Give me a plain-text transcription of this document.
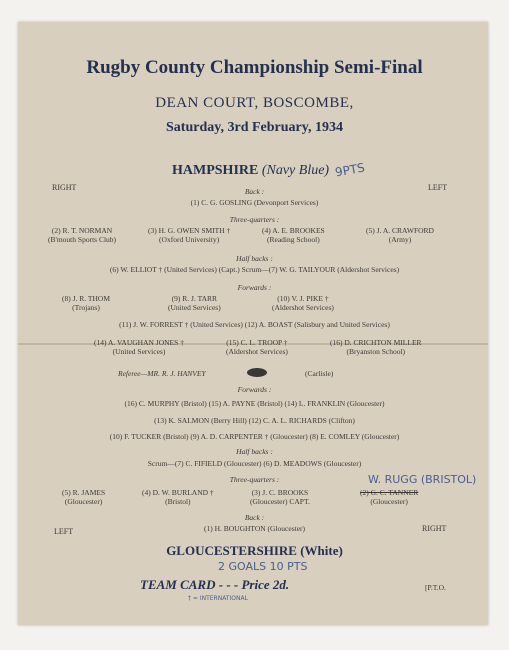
Rugby County Championship Semi-Final
DEAN COURT, BOSCOMBE,
Saturday, 3rd February, 1934
HAMPSHIRE (Navy Blue) 9PTS
RIGHT	LEFT
Back :
(1) C. G. GOSLING (Devonport Services)
Three-quarters :
(2) R. T. NORMAN
(B'mouth Sports Club)
(3) H. G. OWEN SMITH †
(Oxford University)
(4) A. E. BROOKES
(Reading School)
(5) J. A. CRAWFORD
(Army)
Half backs :
(6) W. ELLIOT † (United Services) (Capt.) Scrum—(7) W. G. TAILYOUR (Aldershot Services)
Forwards :
(8) J. R. THOM
(Trojans)
(9) R. J. TARR
(United Services)
(10) V. J. PIKE †
(Aldershot Services)
(11) J. W. FORREST † (United Services) (12) A. BOAST (Salisbury and United Services)
(14) A. VAUGHAN JONES †
(United Services)
(15) C. L. TROOP †
(Aldershot Services)
(16) D. CRICHTON MILLER
(Bryanston School)
Referee—MR. R. J. HANVEY	(Carlisle)
Forwards :
(16) C. MURPHY (Bristol) (15) A. PAYNE (Bristol) (14) L. FRANKLIN (Gloucester)
(13) K. SALMON (Berry Hill) (12) C. A. L. RICHARDS (Clifton)
(10) F. TUCKER (Bristol) (9) A. D. CARPENTER † (Gloucester) (8) E. COMLEY (Gloucester)
Half backs :
Scrum—(7) C. FIFIELD (Gloucester) (6) D. MEADOWS (Gloucester)
Three-quarters :	W. RUGG (BRISTOL)
(5) R. JAMES
(Gloucester)
(4) D. W. BURLAND †
(Bristol)
(3) J. C. BROOKS
(Gloucester) CAPT.
(2) G. C. TANNER
(Gloucester)
Back :
LEFT	(1) H. BOUGHTON (Gloucester)	RIGHT
GLOUCESTERSHIRE (White)
2 GOALS 10 PTS
TEAM CARD - - - Price 2d.
† = INTERNATIONAL
[P.T.O.
